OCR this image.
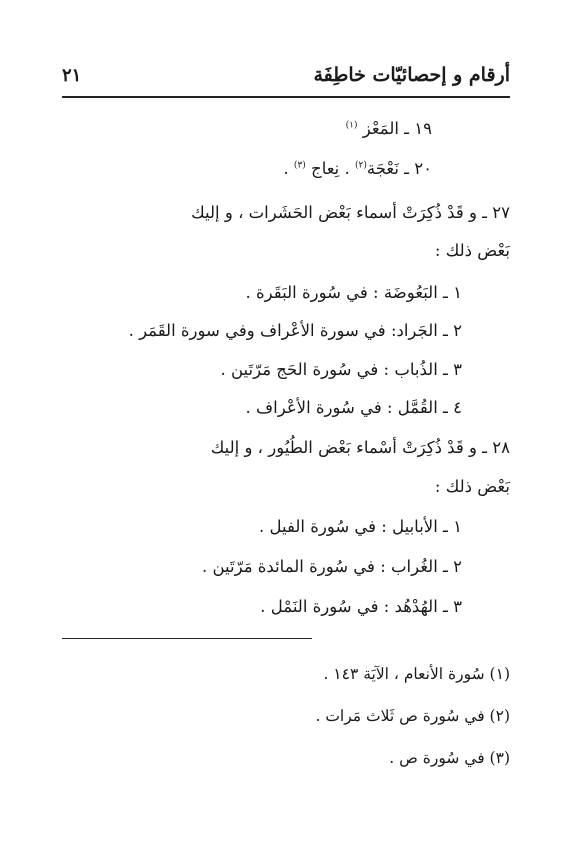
أرقام و إحصائيّات خاطِفَة
٢١
١٩ ـ المَعْز $^{(١)}$
٢٠ ـ نَعْجَة$^{(٢)}$ . نِعاج $^{(٣)}$ .
٢٧ ـ و قَدْ ذُكِرَتْ أسماء بَعْض الحَشَرات ، و إليك
بَعْض ذلك :
١ ـ البَعُوضَة : في سُورة البَقَرة .
٢ ـ الجَراد: في سورة الأعْراف وفي سورة القَمَر .
٣ ـ الذُباب : في سُورة الحَج مَرّتَين .
٤ ـ القُمَّل : في سُورة الأعْراف .
٢٨ ـ و قَدْ ذُكِرَتْ أسْماء بَعْض الطُيُور ، و إليك
بَعْض ذلك :
١ ـ الأبابيل : في سُورة الفيل .
٢ ـ الغُراب : في سُورة المائدة مَرّتَين .
٣ ـ الهُدْهُد : في سُورة النَمْل .
(١) سُورة الأنعام ، الآيَة ١٤٣ .
(٢) في سُورة ص ثَلاث مَرات .
(٣) في سُورة ص .
